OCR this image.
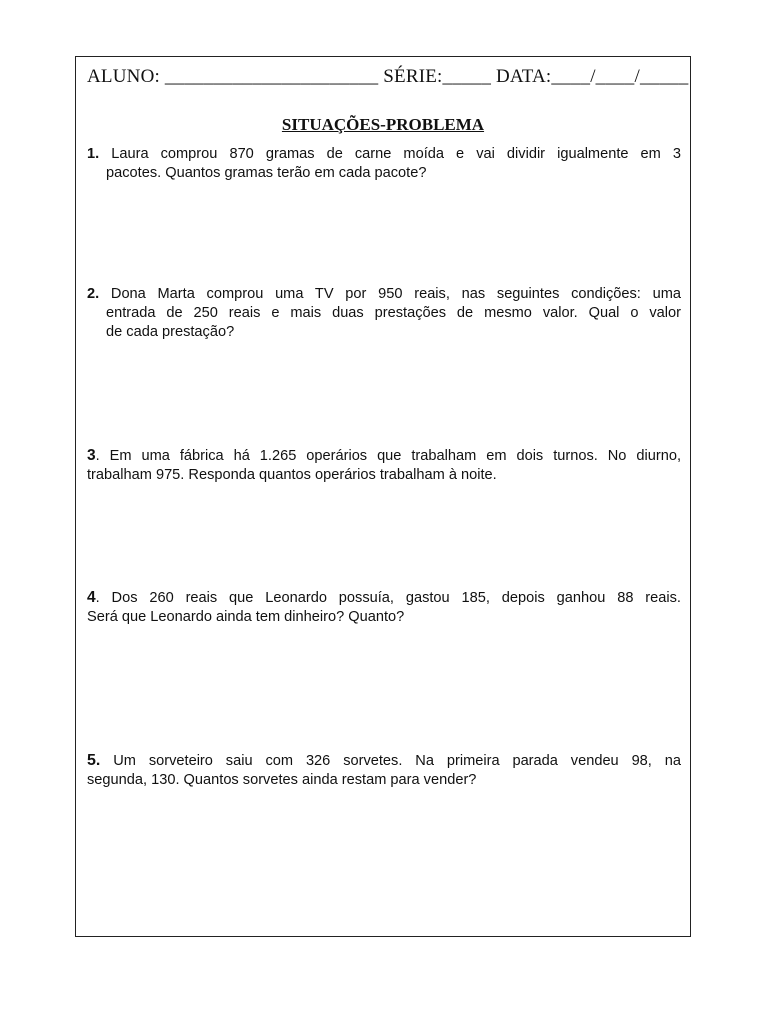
ALUNO: ______________________ SÉRIE:_____ DATA:____/____/_____
SITUAÇÕES-PROBLEMA
1. Laura comprou 870 gramas de carne moída e vai dividir igualmente em 3
pacotes. Quantos gramas terão em cada pacote?
2. Dona Marta comprou uma TV por 950 reais, nas seguintes condições: uma
entrada de 250 reais e mais duas prestações de mesmo valor. Qual o valor
de cada prestação?
3. Em uma fábrica há 1.265 operários que trabalham em dois turnos. No diurno,
trabalham 975. Responda quantos operários trabalham à noite.
4. Dos 260 reais que Leonardo possuía, gastou 185, depois ganhou 88 reais.
Será que Leonardo ainda tem dinheiro? Quanto?
5. Um sorveteiro saiu com 326 sorvetes. Na primeira parada vendeu 98, na
segunda, 130. Quantos sorvetes ainda restam para vender?
